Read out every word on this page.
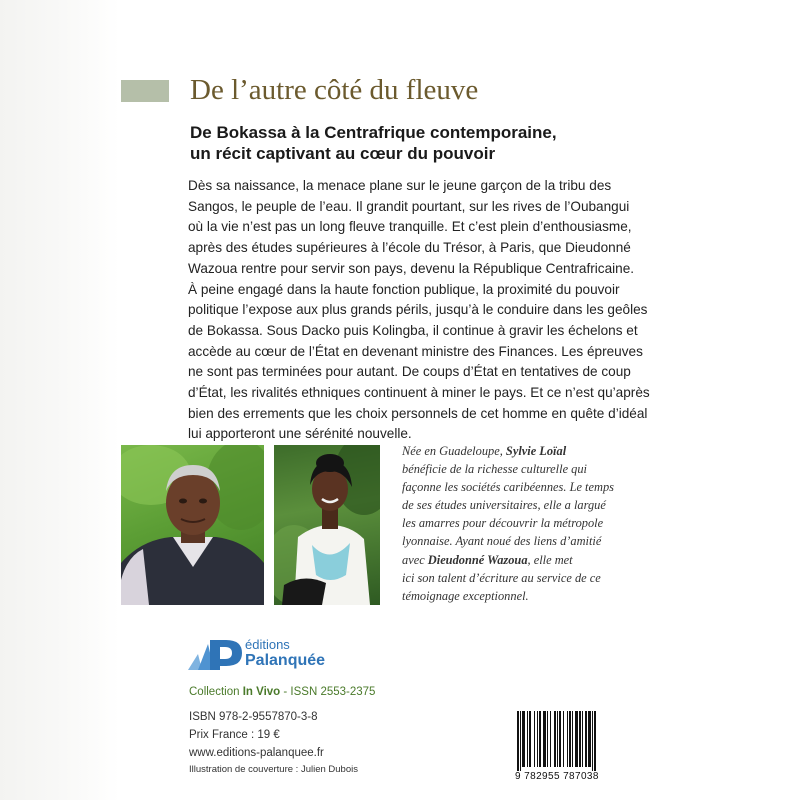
De l’autre côté du fleuve
De Bokassa à la Centrafrique contemporaine,
un récit captivant au cœur du pouvoir
Dès sa naissance, la menace plane sur le jeune garçon de la tribu des
Sangos, le peuple de l’eau. Il grandit pourtant, sur les rives de l’Oubangui
où la vie n’est pas un long fleuve tranquille. Et c’est plein d’enthousiasme,
après des études supérieures à l’école du Trésor, à Paris, que Dieudonné
Wazoua rentre pour servir son pays, devenu la République Centrafricaine.
À peine engagé dans la haute fonction publique, la proximité du pouvoir
politique l’expose aux plus grands périls, jusqu’à le conduire dans les geôles
de Bokassa. Sous Dacko puis Kolingba, il continue à gravir les échelons et
accède au cœur de l’État en devenant ministre des Finances. Les épreuves
ne sont pas terminées pour autant. De coups d’État en tentatives de coup
d’État, les rivalités ethniques continuent à miner le pays. Et ce n’est qu’après
bien des errements que les choix personnels de cet homme en quête d’idéal
lui apporteront une sérénité nouvelle.
Née en Guadeloupe, Sylvie Loïal
bénéficie de la richesse culturelle qui
façonne les sociétés caribéennes. Le temps
de ses études universitaires, elle a largué
les amarres pour découvrir la métropole
lyonnaise. Ayant noué des liens d’amitié
avec Dieudonné Wazoua, elle met
ici son talent d’écriture au service de ce
témoignage exceptionnel.
éditions
Palanquée
Collection In Vivo - ISSN 2553-2375
ISBN 978-2-9557870-3-8
Prix France : 19 €
www.editions-palanquee.fr
Illustration de couverture : Julien Dubois
9 782955 787038
